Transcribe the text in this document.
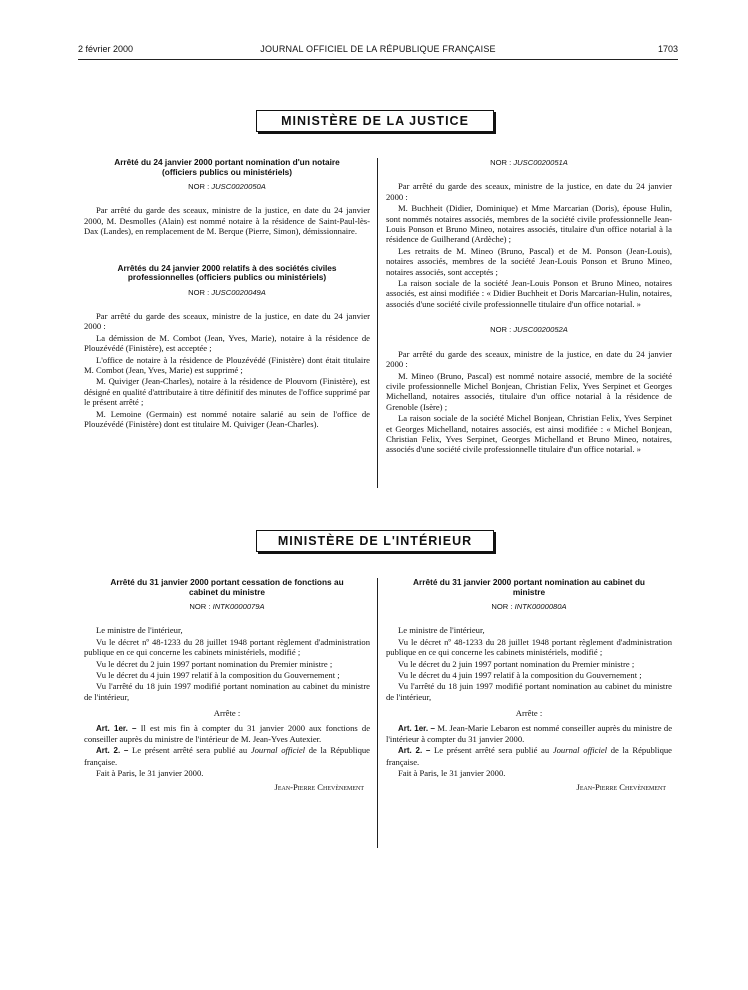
2 février 2000	JOURNAL OFFICIEL DE LA RÉPUBLIQUE FRANÇAISE	1703
MINISTÈRE DE LA JUSTICE
Arrêté du 24 janvier 2000 portant nomination d'un notaire (officiers publics ou ministériels)
NOR : JUSC0020050A

Par arrêté du garde des sceaux, ministre de la justice, en date du 24 janvier 2000, M. Desmolles (Alain) est nommé notaire à la résidence de Saint-Paul-lès-Dax (Landes), en remplacement de M. Berque (Pierre, Simon), démissionnaire.

Arrêtés du 24 janvier 2000 relatifs à des sociétés civiles professionnelles (officiers publics ou ministériels)
NOR : JUSC0020049A

Par arrêté du garde des sceaux, ministre de la justice, en date du 24 janvier 2000 :

La démission de M. Combot (Jean, Yves, Marie), notaire à la résidence de Plouzévédé (Finistère), est acceptée ;

L'office de notaire à la résidence de Plouzévédé (Finistère) dont était titulaire M. Combot (Jean, Yves, Marie) est supprimé ;

M. Quiviger (Jean-Charles), notaire à la résidence de Plouvorn (Finistère), est désigné en qualité d'attributaire à titre définitif des minutes de l'office supprimé par le présent arrêté ;

M. Lemoine (Germain) est nommé notaire salarié au sein de l'office de Plouzévédé (Finistère) dont est titulaire M. Quiviger (Jean-Charles).

NOR : JUSC0020051A

Par arrêté du garde des sceaux, ministre de la justice, en date du 24 janvier 2000 :

M. Buchheit (Didier, Dominique) et Mme Marcarian (Doris), épouse Hulin, sont nommés notaires associés, membres de la société civile professionnelle Jean-Louis Ponson et Bruno Mineo, notaires associés, titulaire d'un office notarial à la résidence de Guilherand (Ardèche) ;

Les retraits de M. Mineo (Bruno, Pascal) et de M. Ponson (Jean-Louis), notaires associés, membres de la société Jean-Louis Ponson et Bruno Mineo, notaires associés, sont acceptés ;

La raison sociale de la société Jean-Louis Ponson et Bruno Mineo, notaires associés, est ainsi modifiée : « Didier Buchheit et Doris Marcarian-Hulin, notaires, associés d'une société civile professionnelle titulaire d'un office notarial. »

NOR : JUSC0020052A

Par arrêté du garde des sceaux, ministre de la justice, en date du 24 janvier 2000 :

M. Mineo (Bruno, Pascal) est nommé notaire associé, membre de la société civile professionnelle Michel Bonjean, Christian Felix, Yves Serpinet et Georges Michelland, notaires associés, titulaire d'un office notarial à la résidence de Grenoble (Isère) ;

La raison sociale de la société Michel Bonjean, Christian Felix, Yves Serpinet et Georges Michelland, notaires associés, est ainsi modifiée : « Michel Bonjean, Christian Felix, Yves Serpinet, Georges Michelland et Bruno Mineo, notaires, associés d'une société civile professionnelle titulaire d'un office notarial. »

MINISTÈRE DE L'INTÉRIEUR
Arrêté du 31 janvier 2000 portant cessation de fonctions au cabinet du ministre
NOR : INTK0000079A

Le ministre de l'intérieur,

Vu le décret nº 48-1233 du 28 juillet 1948 portant règlement d'administration publique en ce qui concerne les cabinets ministériels, modifié ;

Vu le décret du 2 juin 1997 portant nomination du Premier ministre ;

Vu le décret du 4 juin 1997 relatif à la composition du Gouvernement ;

Vu l'arrêté du 18 juin 1997 modifié portant nomination au cabinet du ministre de l'intérieur,

Arrête :

Art. 1er. – Il est mis fin à compter du 31 janvier 2000 aux fonctions de conseiller auprès du ministre de l'intérieur de M. Jean-Yves Autexier.

Art. 2. – Le présent arrêté sera publié au Journal officiel de la République française.

Fait à Paris, le 31 janvier 2000.

Jean-Pierre Chevènement
Arrêté du 31 janvier 2000 portant nomination au cabinet du ministre
NOR : INTK0000080A

Le ministre de l'intérieur,

Vu le décret nº 48-1233 du 28 juillet 1948 portant règlement d'administration publique en ce qui concerne les cabinets ministériels, modifié ;

Vu le décret du 2 juin 1997 portant nomination du Premier ministre ;

Vu le décret du 4 juin 1997 relatif à la composition du Gouvernement ;

Vu l'arrêté du 18 juin 1997 modifié portant nomination au cabinet du ministre de l'intérieur,

Arrête :

Art. 1er. – M. Jean-Marie Lebaron est nommé conseiller auprès du ministre de l'intérieur à compter du 31 janvier 2000.

Art. 2. – Le présent arrêté sera publié au Journal officiel de la République française.

Fait à Paris, le 31 janvier 2000.

Jean-Pierre Chevènement
